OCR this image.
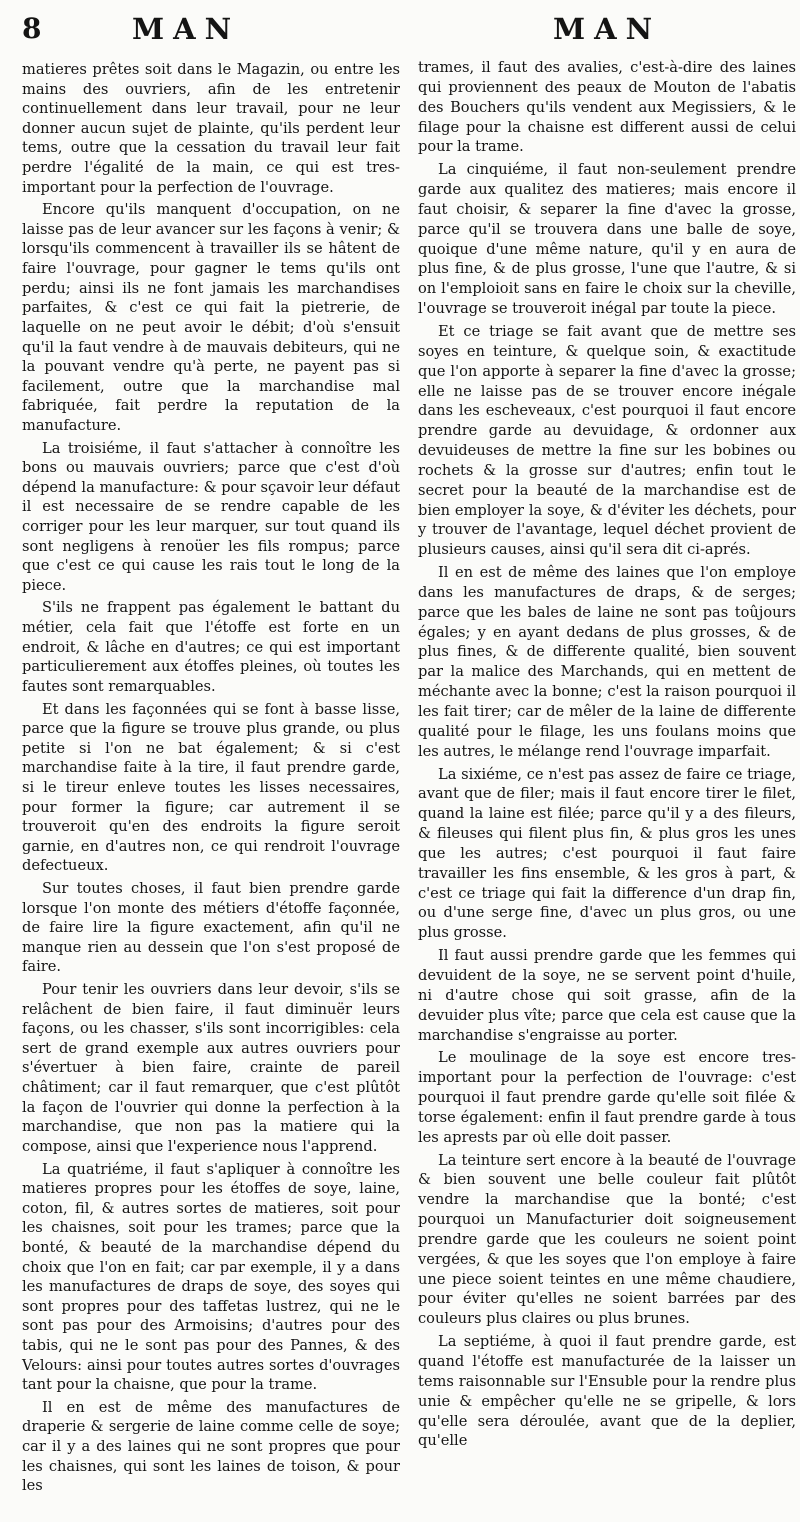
8	MAN	MAN

matieres prêtes soit dans le Magazin, ou entre les mains des ouvriers, afin de les entretenir continuellement dans leur travail, pour ne leur donner aucun sujet de plainte, qu'ils perdent leur tems, outre que la cessation du travail leur fait perdre l'égalité de la main, ce qui est tres-important pour la perfection de l'ouvrage.

Encore qu'ils manquent d'occupation, on ne laisse pas de leur avancer sur les façons à venir; & lorsqu'ils commencent à travailler ils se hâtent de faire l'ouvrage, pour gagner le tems qu'ils ont perdu; ainsi ils ne font jamais les marchandises parfaites, & c'est ce qui fait la pietrerie, de laquelle on ne peut avoir le débit; d'où s'ensuit qu'il la faut vendre à de mauvais debiteurs, qui ne la pouvant vendre qu'à perte, ne payent pas si facilement, outre que la marchandise mal fabriquée, fait perdre la reputation de la manufacture.

La troisiéme, il faut s'attacher à connoître les bons ou mauvais ouvriers; parce que c'est d'où dépend la manufacture: & pour sçavoir leur défaut il est necessaire de se rendre capable de les corriger pour les leur marquer, sur tout quand ils sont negligens à renoüer les fils rompus; parce que c'est ce qui cause les rais tout le long de la piece.

S'ils ne frappent pas également le battant du métier, cela fait que l'étoffe est forte en un endroit, & lâche en d'autres; ce qui est important particulierement aux étoffes pleines, où toutes les fautes sont remarquables.

Et dans les façonnées qui se font à basse lisse, parce que la figure se trouve plus grande, ou plus petite si l'on ne bat également; & si c'est marchandise faite à la tire, il faut prendre garde, si le tireur enleve toutes les lisses necessaires, pour former la figure; car autrement il se trouveroit qu'en des endroits la figure seroit garnie, en d'autres non, ce qui rendroit l'ouvrage defectueux.

Sur toutes choses, il faut bien prendre garde lorsque l'on monte des métiers d'étoffe façonnée, de faire lire la figure exactement, afin qu'il ne manque rien au dessein que l'on s'est proposé de faire.

Pour tenir les ouvriers dans leur devoir, s'ils se relâchent de bien faire, il faut diminuër leurs façons, ou les chasser, s'ils sont incorrigibles: cela sert de grand exemple aux autres ouvriers pour s'évertuer à bien faire, crainte de pareil châtiment; car il faut remarquer, que c'est plûtôt la façon de l'ouvrier qui donne la perfection à la marchandise, que non pas la matiere qui la compose, ainsi que l'experience nous l'apprend.

La quatriéme, il faut s'apliquer à connoître les matieres propres pour les étoffes de soye, laine, coton, fil, & autres sortes de matieres, soit pour les chaisnes, soit pour les trames; parce que la bonté, & beauté de la marchandise dépend du choix que l'on en fait; car par exemple, il y a dans les manufactures de draps de soye, des soyes qui sont propres pour des taffetas lustrez, qui ne le sont pas pour des Armoisins; d'autres pour des tabis, qui ne le sont pas pour des Pannes, & des Velours: ainsi pour toutes autres sortes d'ouvrages tant pour la chaisne, que pour la trame.

Il en est de même des manufactures de draperie & sergerie de laine comme celle de soye; car il y a des laines qui ne sont propres que pour les chaisnes, qui sont les laines de toison, & pour les

trames, il faut des avalies, c'est-à-dire des laines qui proviennent des peaux de Mouton de l'abatis des Bouchers qu'ils vendent aux Megissiers, & le filage pour la chaisne est different aussi de celui pour la trame.

La cinquiéme, il faut non-seulement prendre garde aux qualitez des matieres; mais encore il faut choisir, & separer la fine d'avec la grosse, parce qu'il se trouvera dans une balle de soye, quoique d'une même nature, qu'il y en aura de plus fine, & de plus grosse, l'une que l'autre, & si on l'emploioit sans en faire le choix sur la cheville, l'ouvrage se trouveroit inégal par toute la piece.

Et ce triage se fait avant que de mettre ses soyes en teinture, & quelque soin, & exactitude que l'on apporte à separer la fine d'avec la grosse; elle ne laisse pas de se trouver encore inégale dans les escheveaux, c'est pourquoi il faut encore prendre garde au devuidage, & ordonner aux devuideuses de mettre la fine sur les bobines ou rochets & la grosse sur d'autres; enfin tout le secret pour la beauté de la marchandise est de bien employer la soye, & d'éviter les déchets, pour y trouver de l'avantage, lequel déchet provient de plusieurs causes, ainsi qu'il sera dit ci-aprés.

Il en est de même des laines que l'on employe dans les manufactures de draps, & de serges; parce que les bales de laine ne sont pas toûjours égales; y en ayant dedans de plus grosses, & de plus fines, & de differente qualité, bien souvent par la malice des Marchands, qui en mettent de méchante avec la bonne; c'est la raison pourquoi il les fait tirer; car de mêler de la laine de differente qualité pour le filage, les uns foulans moins que les autres, le mélange rend l'ouvrage imparfait.

La sixiéme, ce n'est pas assez de faire ce triage, avant que de filer; mais il faut encore tirer le filet, quand la laine est filée; parce qu'il y a des fileurs, & fileuses qui filent plus fin, & plus gros les unes que les autres; c'est pourquoi il faut faire travailler les fins ensemble, & les gros à part, & c'est ce triage qui fait la difference d'un drap fin, ou d'une serge fine, d'avec un plus gros, ou une plus grosse.

Il faut aussi prendre garde que les femmes qui devuident de la soye, ne se servent point d'huile, ni d'autre chose qui soit grasse, afin de la devuider plus vîte; parce que cela est cause que la marchandise s'engraisse au porter.

Le moulinage de la soye est encore tres-important pour la perfection de l'ouvrage: c'est pourquoi il faut prendre garde qu'elle soit filée & torse également: enfin il faut prendre garde à tous les aprests par où elle doit passer.

La teinture sert encore à la beauté de l'ouvrage & bien souvent une belle couleur fait plûtôt vendre la marchandise que la bonté; c'est pourquoi un Manufacturier doit soigneusement prendre garde que les couleurs ne soient point vergées, & que les soyes que l'on employe à faire une piece soient teintes en une même chaudiere, pour éviter qu'elles ne soient barrées par des couleurs plus claires ou plus brunes.

La septiéme, à quoi il faut prendre garde, est quand l'étoffe est manufacturée de la laisser un tems raisonnable sur l'Ensuble pour la rendre plus unie & empêcher qu'elle ne se gripelle, & lors qu'elle sera déroulée, avant que de la deplier, qu'elle
